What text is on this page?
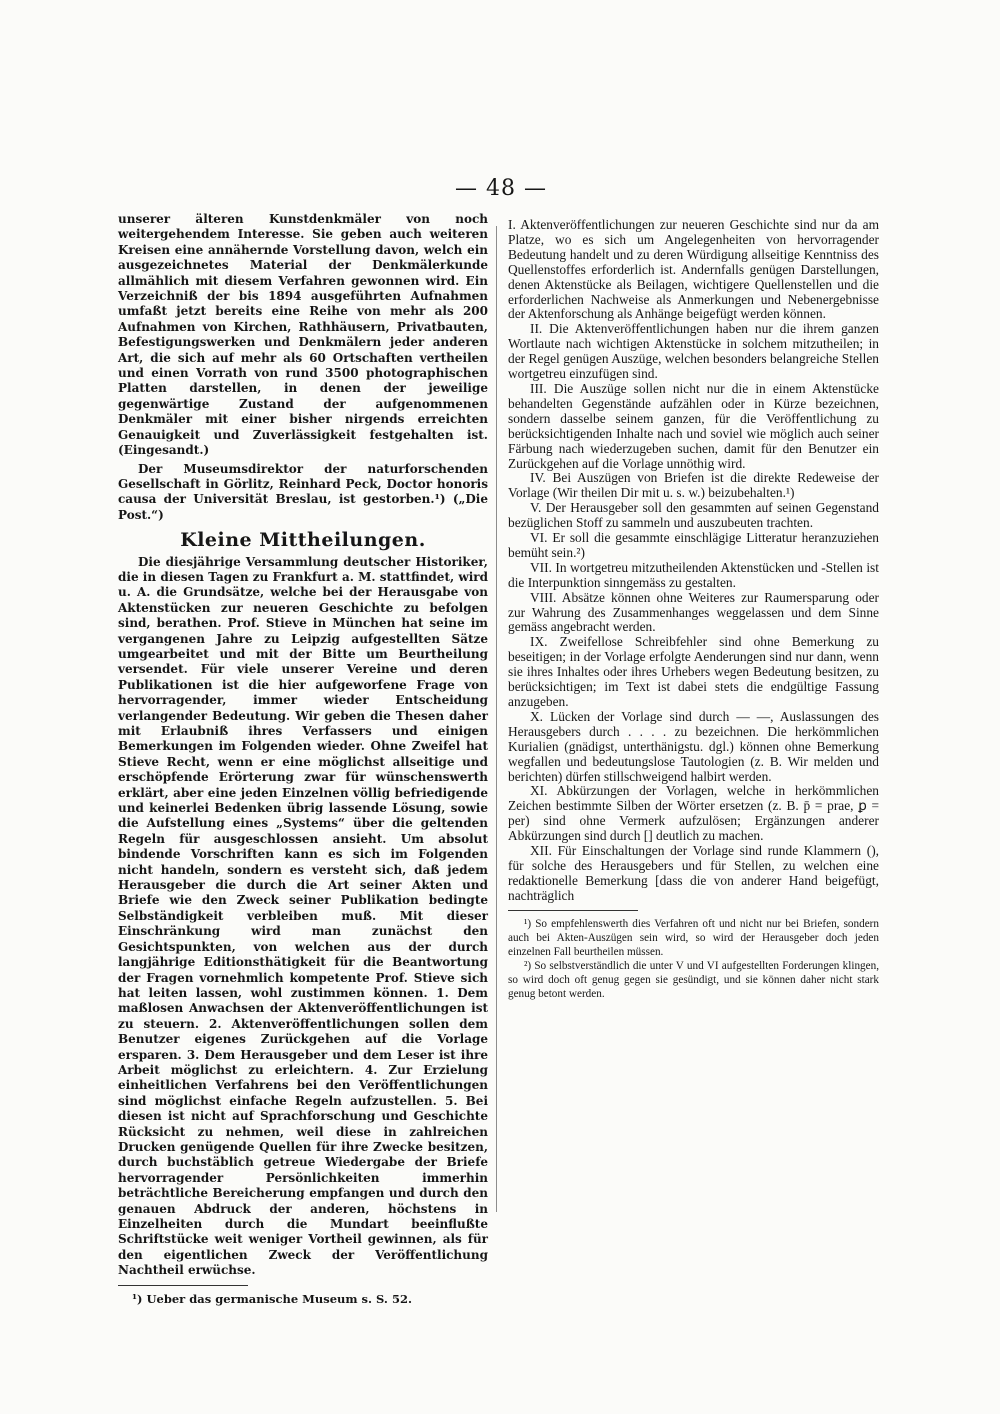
— 48 —

unserer älteren Kunstdenkmäler von noch weitergehendem Interesse. Sie geben auch weiteren Kreisen eine annähernde Vorstellung davon, welch ein ausgezeichnetes Material der Denkmälerkunde allmählich mit diesem Verfahren gewonnen wird. Ein Verzeichniß der bis 1894 ausgeführten Aufnahmen umfaßt jetzt bereits eine Reihe von mehr als 200 Aufnahmen von Kirchen, Rathhäusern, Privatbauten, Befestigungswerken und Denkmälern jeder anderen Art, die sich auf mehr als 60 Ortschaften vertheilen und einen Vorrath von rund 3500 photographischen Platten darstellen, in denen der jeweilige gegenwärtige Zustand der aufgenommenen Denkmäler mit einer bisher nirgends erreichten Genauigkeit und Zuverlässigkeit festgehalten ist. (Eingesandt.)

Der Museumsdirektor der naturforschenden Gesellschaft in Görlitz, Reinhard Peck, Doctor honoris causa der Universität Breslau, ist gestorben.¹) („Die Post.“)

Kleine Mittheilungen.

Die diesjährige Versammlung deutscher Historiker, die in diesen Tagen zu Frankfurt a. M. stattfindet, wird u. A. die Grundsätze, welche bei der Herausgabe von Aktenstücken zur neueren Geschichte zu befolgen sind, berathen. Prof. Stieve in München hat seine im vergangenen Jahre zu Leipzig aufgestellten Sätze umgearbeitet und mit der Bitte um Beurtheilung versendet. Für viele unserer Vereine und deren Publikationen ist die hier aufgeworfene Frage von hervorragender, immer wieder Entscheidung verlangender Bedeutung. Wir geben die Thesen daher mit Erlaubniß ihres Verfassers und einigen Bemerkungen im Folgenden wieder. Ohne Zweifel hat Stieve Recht, wenn er eine möglichst allseitige und erschöpfende Erörterung zwar für wünschenswerth erklärt, aber eine jeden Einzelnen völlig befriedigende und keinerlei Bedenken übrig lassende Lösung, sowie die Aufstellung eines „Systems“ über die geltenden Regeln für ausgeschlossen ansieht. Um absolut bindende Vorschriften kann es sich im Folgenden nicht handeln, sondern es versteht sich, daß jedem Herausgeber die durch die Art seiner Akten und Briefe wie den Zweck seiner Publikation bedingte Selbständigkeit verbleiben muß. Mit dieser Einschränkung wird man zunächst den Gesichtspunkten, von welchen aus der durch langjährige Editionsthätigkeit für die Beantwortung der Fragen vornehmlich kompetente Prof. Stieve sich hat leiten lassen, wohl zustimmen können. 1. Dem maßlosen Anwachsen der Aktenveröffentlichungen ist zu steuern. 2. Aktenveröffentlichungen sollen dem Benutzer eigenes Zurückgehen auf die Vorlage ersparen. 3. Dem Herausgeber und dem Leser ist ihre Arbeit möglichst zu erleichtern. 4. Zur Erzielung einheitlichen Verfahrens bei den Veröffentlichungen sind möglichst einfache Regeln aufzustellen. 5. Bei diesen ist nicht auf Sprachforschung und Geschichte Rücksicht zu nehmen, weil diese in zahlreichen Drucken genügende Quellen für ihre Zwecke besitzen, durch buchstäblich getreue Wiedergabe der Briefe hervorragender Persönlichkeiten immerhin beträchtliche Bereicherung empfangen und durch den genauen Abdruck der anderen, höchstens in Einzelheiten durch die Mundart beeinflußte Schriftstücke weit weniger Vortheil gewinnen, als für den eigentlichen Zweck der Veröffentlichung Nachtheil erwüchse.

¹) Ueber das germanische Museum s. S. 52.

I. Aktenveröffentlichungen zur neueren Geschichte sind nur da am Platze, wo es sich um Angelegenheiten von hervorragender Bedeutung handelt und zu deren Würdigung allseitige Kenntniss des Quellenstoffes erforderlich ist. Andernfalls genügen Darstellungen, denen Aktenstücke als Beilagen, wichtigere Quellenstellen und die erforderlichen Nachweise als Anmerkungen und Nebenergebnisse der Aktenforschung als Anhänge beigefügt werden können.

II. Die Aktenveröffentlichungen haben nur die ihrem ganzen Wortlaute nach wichtigen Aktenstücke in solchem mitzutheilen; in der Regel genügen Auszüge, welchen besonders belangreiche Stellen wortgetreu einzufügen sind.

III. Die Auszüge sollen nicht nur die in einem Aktenstücke behandelten Gegenstände aufzählen oder in Kürze bezeichnen, sondern dasselbe seinem ganzen, für die Veröffentlichung zu berücksichtigenden Inhalte nach und soviel wie möglich auch seiner Färbung nach wiederzugeben suchen, damit für den Benutzer ein Zurückgehen auf die Vorlage unnöthig wird.

IV. Bei Auszügen von Briefen ist die direkte Redeweise der Vorlage (Wir theilen Dir mit u. s. w.) beizubehalten.¹)

V. Der Herausgeber soll den gesammten auf seinen Gegenstand bezüglichen Stoff zu sammeln und auszubeuten trachten.

VI. Er soll die gesammte einschlägige Litteratur heranzuziehen bemüht sein.²)

VII. In wortgetreu mitzutheilenden Aktenstücken und -Stellen ist die Interpunktion sinngemäss zu gestalten.

VIII. Absätze können ohne Weiteres zur Raumersparung oder zur Wahrung des Zusammenhanges weggelassen und dem Sinne gemäss angebracht werden.

IX. Zweifellose Schreibfehler sind ohne Bemerkung zu beseitigen; in der Vorlage erfolgte Aenderungen sind nur dann, wenn sie ihres Inhaltes oder ihres Urhebers wegen Bedeutung besitzen, zu berücksichtigen; im Text ist dabei stets die endgültige Fassung anzugeben.

X. Lücken der Vorlage sind durch — —, Auslassungen des Herausgebers durch . . . . zu bezeichnen. Die herkömmlichen Kurialien (gnädigst, unterthänigstu. dgl.) können ohne Bemerkung wegfallen und bedeutungslose Tautologien (z. B. Wir melden und berichten) dürfen stillschweigend halbirt werden.

XI. Abkürzungen der Vorlagen, welche in herkömmlichen Zeichen bestimmte Silben der Wörter ersetzen (z. B. p̄ = prae, ꝑ = per) sind ohne Vermerk aufzulösen; Ergänzungen anderer Abkürzungen sind durch [] deutlich zu machen.

XII. Für Einschaltungen der Vorlage sind runde Klammern (), für solche des Herausgebers und für Stellen, zu welchen eine redaktionelle Bemerkung [dass die von anderer Hand beigefügt, nachträglich

¹) So empfehlenswerth dies Verfahren oft und nicht nur bei Briefen, sondern auch bei Akten-Auszügen sein wird, so wird der Herausgeber doch jeden einzelnen Fall beurtheilen müssen.

²) So selbstverständlich die unter V und VI aufgestellten Forderungen klingen, so wird doch oft genug gegen sie gesündigt, und sie können daher nicht stark genug betont werden.
